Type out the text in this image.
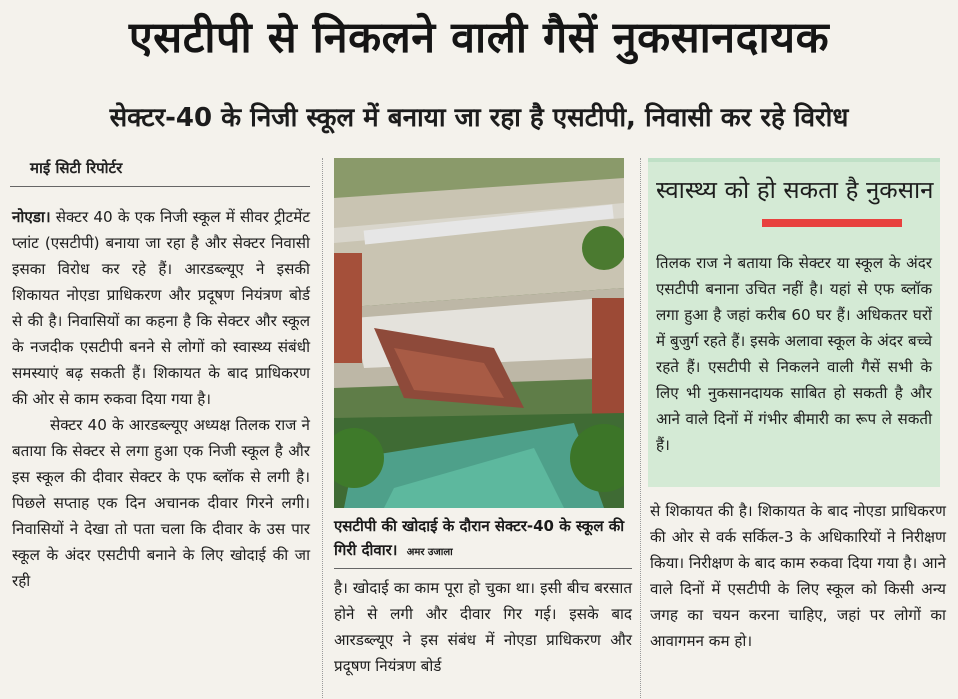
एसटीपी से निकलने वाली गैसें नुकसानदायक
सेक्टर-40 के निजी स्कूल में बनाया जा रहा है एसटीपी, निवासी कर रहे विरोध
माई सिटी रिपोर्टर

नोएडा। सेक्टर 40 के एक निजी स्कूल में सीवर ट्रीटमेंट प्लांट (एसटीपी) बनाया जा रहा है और सेक्टर निवासी इसका विरोध कर रहे हैं। आरडब्ल्यूए ने इसकी शिकायत नोएडा प्राधिकरण और प्रदूषण नियंत्रण बोर्ड से की है। निवासियों का कहना है कि सेक्टर और स्कूल के नजदीक एसटीपी बनने से लोगों को स्वास्थ्य संबंधी समस्याएं बढ़ सकती हैं। शिकायत के बाद प्राधिकरण की ओर से काम रुकवा दिया गया है।

सेक्टर 40 के आरडब्ल्यूए अध्यक्ष तिलक राज ने बताया कि सेक्टर से लगा हुआ एक निजी स्कूल है और इस स्कूल की दीवार सेक्टर के एफ ब्लॉक से लगी है। पिछले सप्ताह एक दिन अचानक दीवार गिरने लगी। निवासियों ने देखा तो पता चला कि दीवार के उस पार स्कूल के अंदर एसटीपी बनाने के लिए खोदाई की जा रही

एसटीपी की खोदाई के दौरान सेक्टर-40 के स्कूल की गिरी दीवार। अमर उजाला

है। खोदाई का काम पूरा हो चुका था। इसी बीच बरसात होने से लगी और दीवार गिर गई। इसके बाद आरडब्ल्यूए ने इस संबंध में नोएडा प्राधिकरण और प्रदूषण नियंत्रण बोर्ड

स्वास्थ्य को हो सकता है नुकसान
तिलक राज ने बताया कि सेक्टर या स्कूल के अंदर एसटीपी बनाना उचित नहीं है। यहां से एफ ब्लॉक लगा हुआ है जहां करीब 60 घर हैं। अधिकतर घरों में बुजुर्ग रहते हैं। इसके अलावा स्कूल के अंदर बच्चे रहते हैं। एसटीपी से निकलने वाली गैसें सभी के लिए भी नुकसानदायक साबित हो सकती है और आने वाले दिनों में गंभीर बीमारी का रूप ले सकती हैं।

से शिकायत की है। शिकायत के बाद नोएडा प्राधिकरण की ओर से वर्क सर्किल-3 के अधिकारियों ने निरीक्षण किया। निरीक्षण के बाद काम रुकवा दिया गया है। आने वाले दिनों में एसटीपी के लिए स्कूल को किसी अन्य जगह का चयन करना चाहिए, जहां पर लोगों का आवागमन कम हो।
